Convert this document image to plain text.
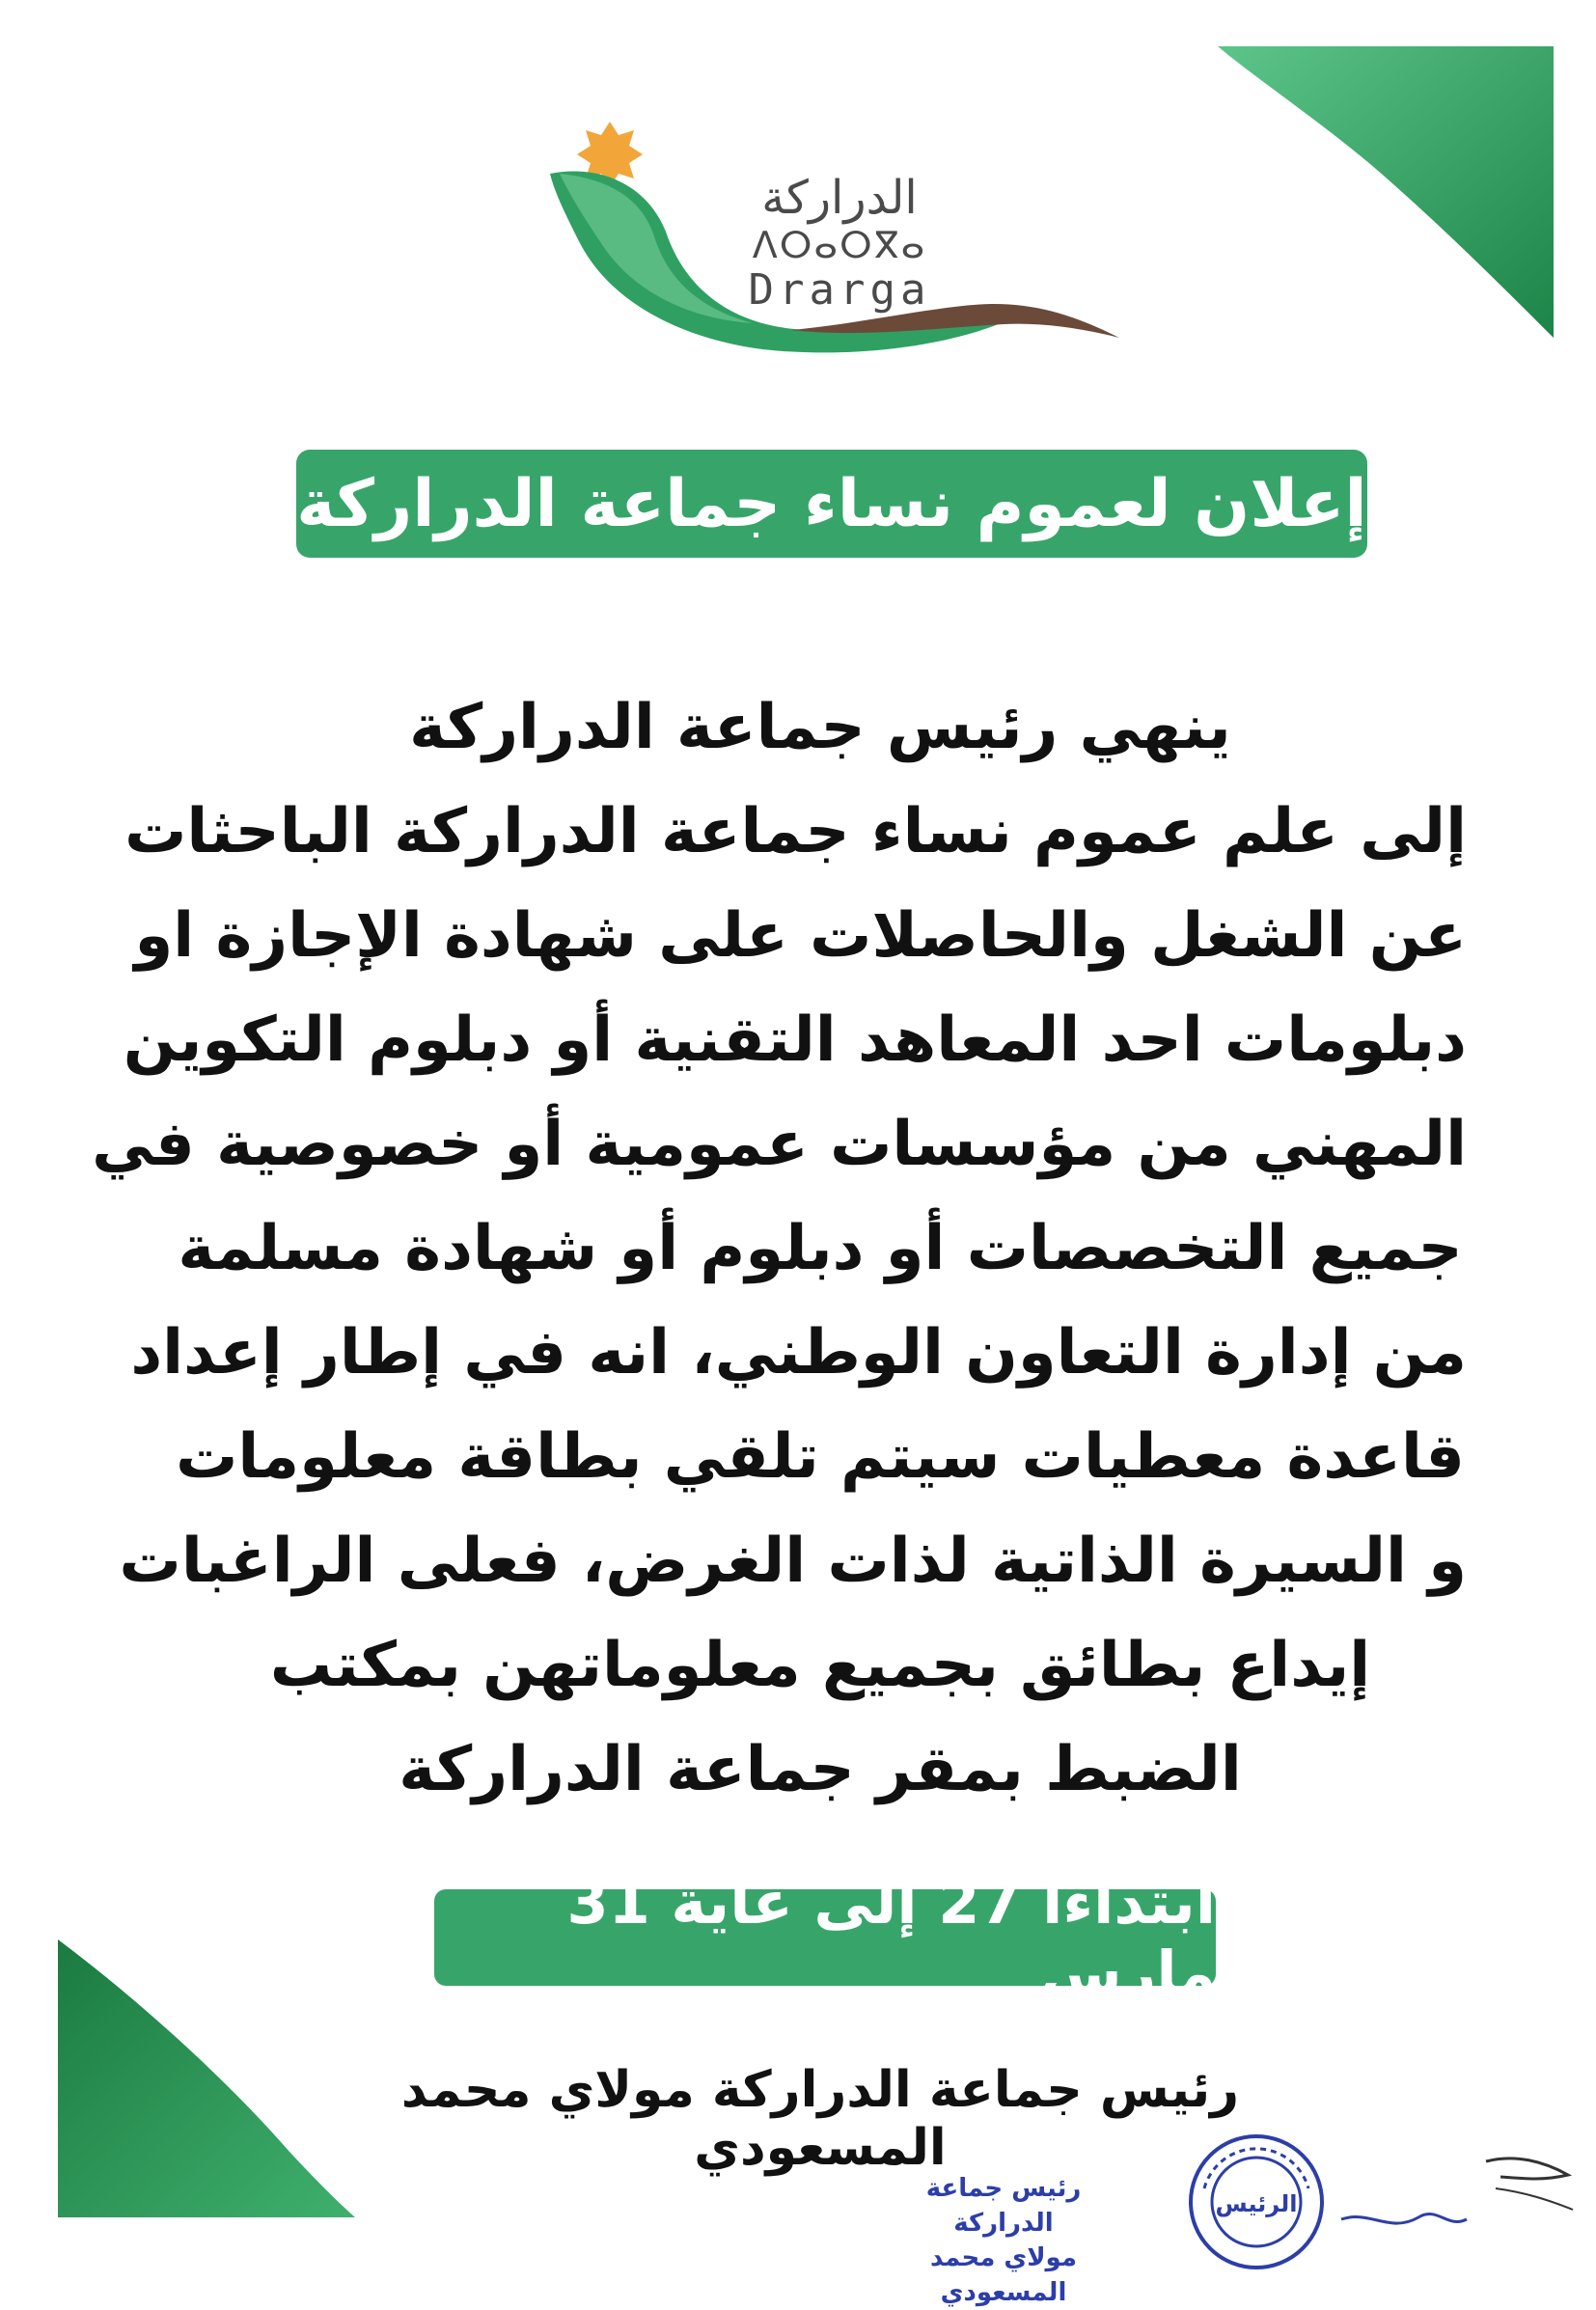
الدراركة
ⴷⵔⴰⵔⴳⴰ
Drarga
إعلان لعموم نساء جماعة الدراركة
ينهي رئيس جماعة الدراركة
إلى علم عموم نساء جماعة الدراركة الباحثات
عن الشغل والحاصلات على شهادة الإجازة او
دبلومات احد المعاهد التقنية أو دبلوم التكوين
المهني من مؤسسات عمومية أو خصوصية في
جميع التخصصات أو دبلوم أو شهادة مسلمة
من إدارة التعاون الوطني، انه في إطار إعداد
قاعدة معطيات سيتم تلقي بطاقة معلومات
و السيرة الذاتية لذات الغرض، فعلى الراغبات
إيداع بطائق بجميع معلوماتهن بمكتب
الضبط بمقر جماعة الدراركة
ابتداءا 27 إلى غاية 31 مارس
رئيس جماعة الدراركة مولاي محمد المسعودي
رئيس جماعة الدراركة
مولاي محمد المسعودي
الرئيس
